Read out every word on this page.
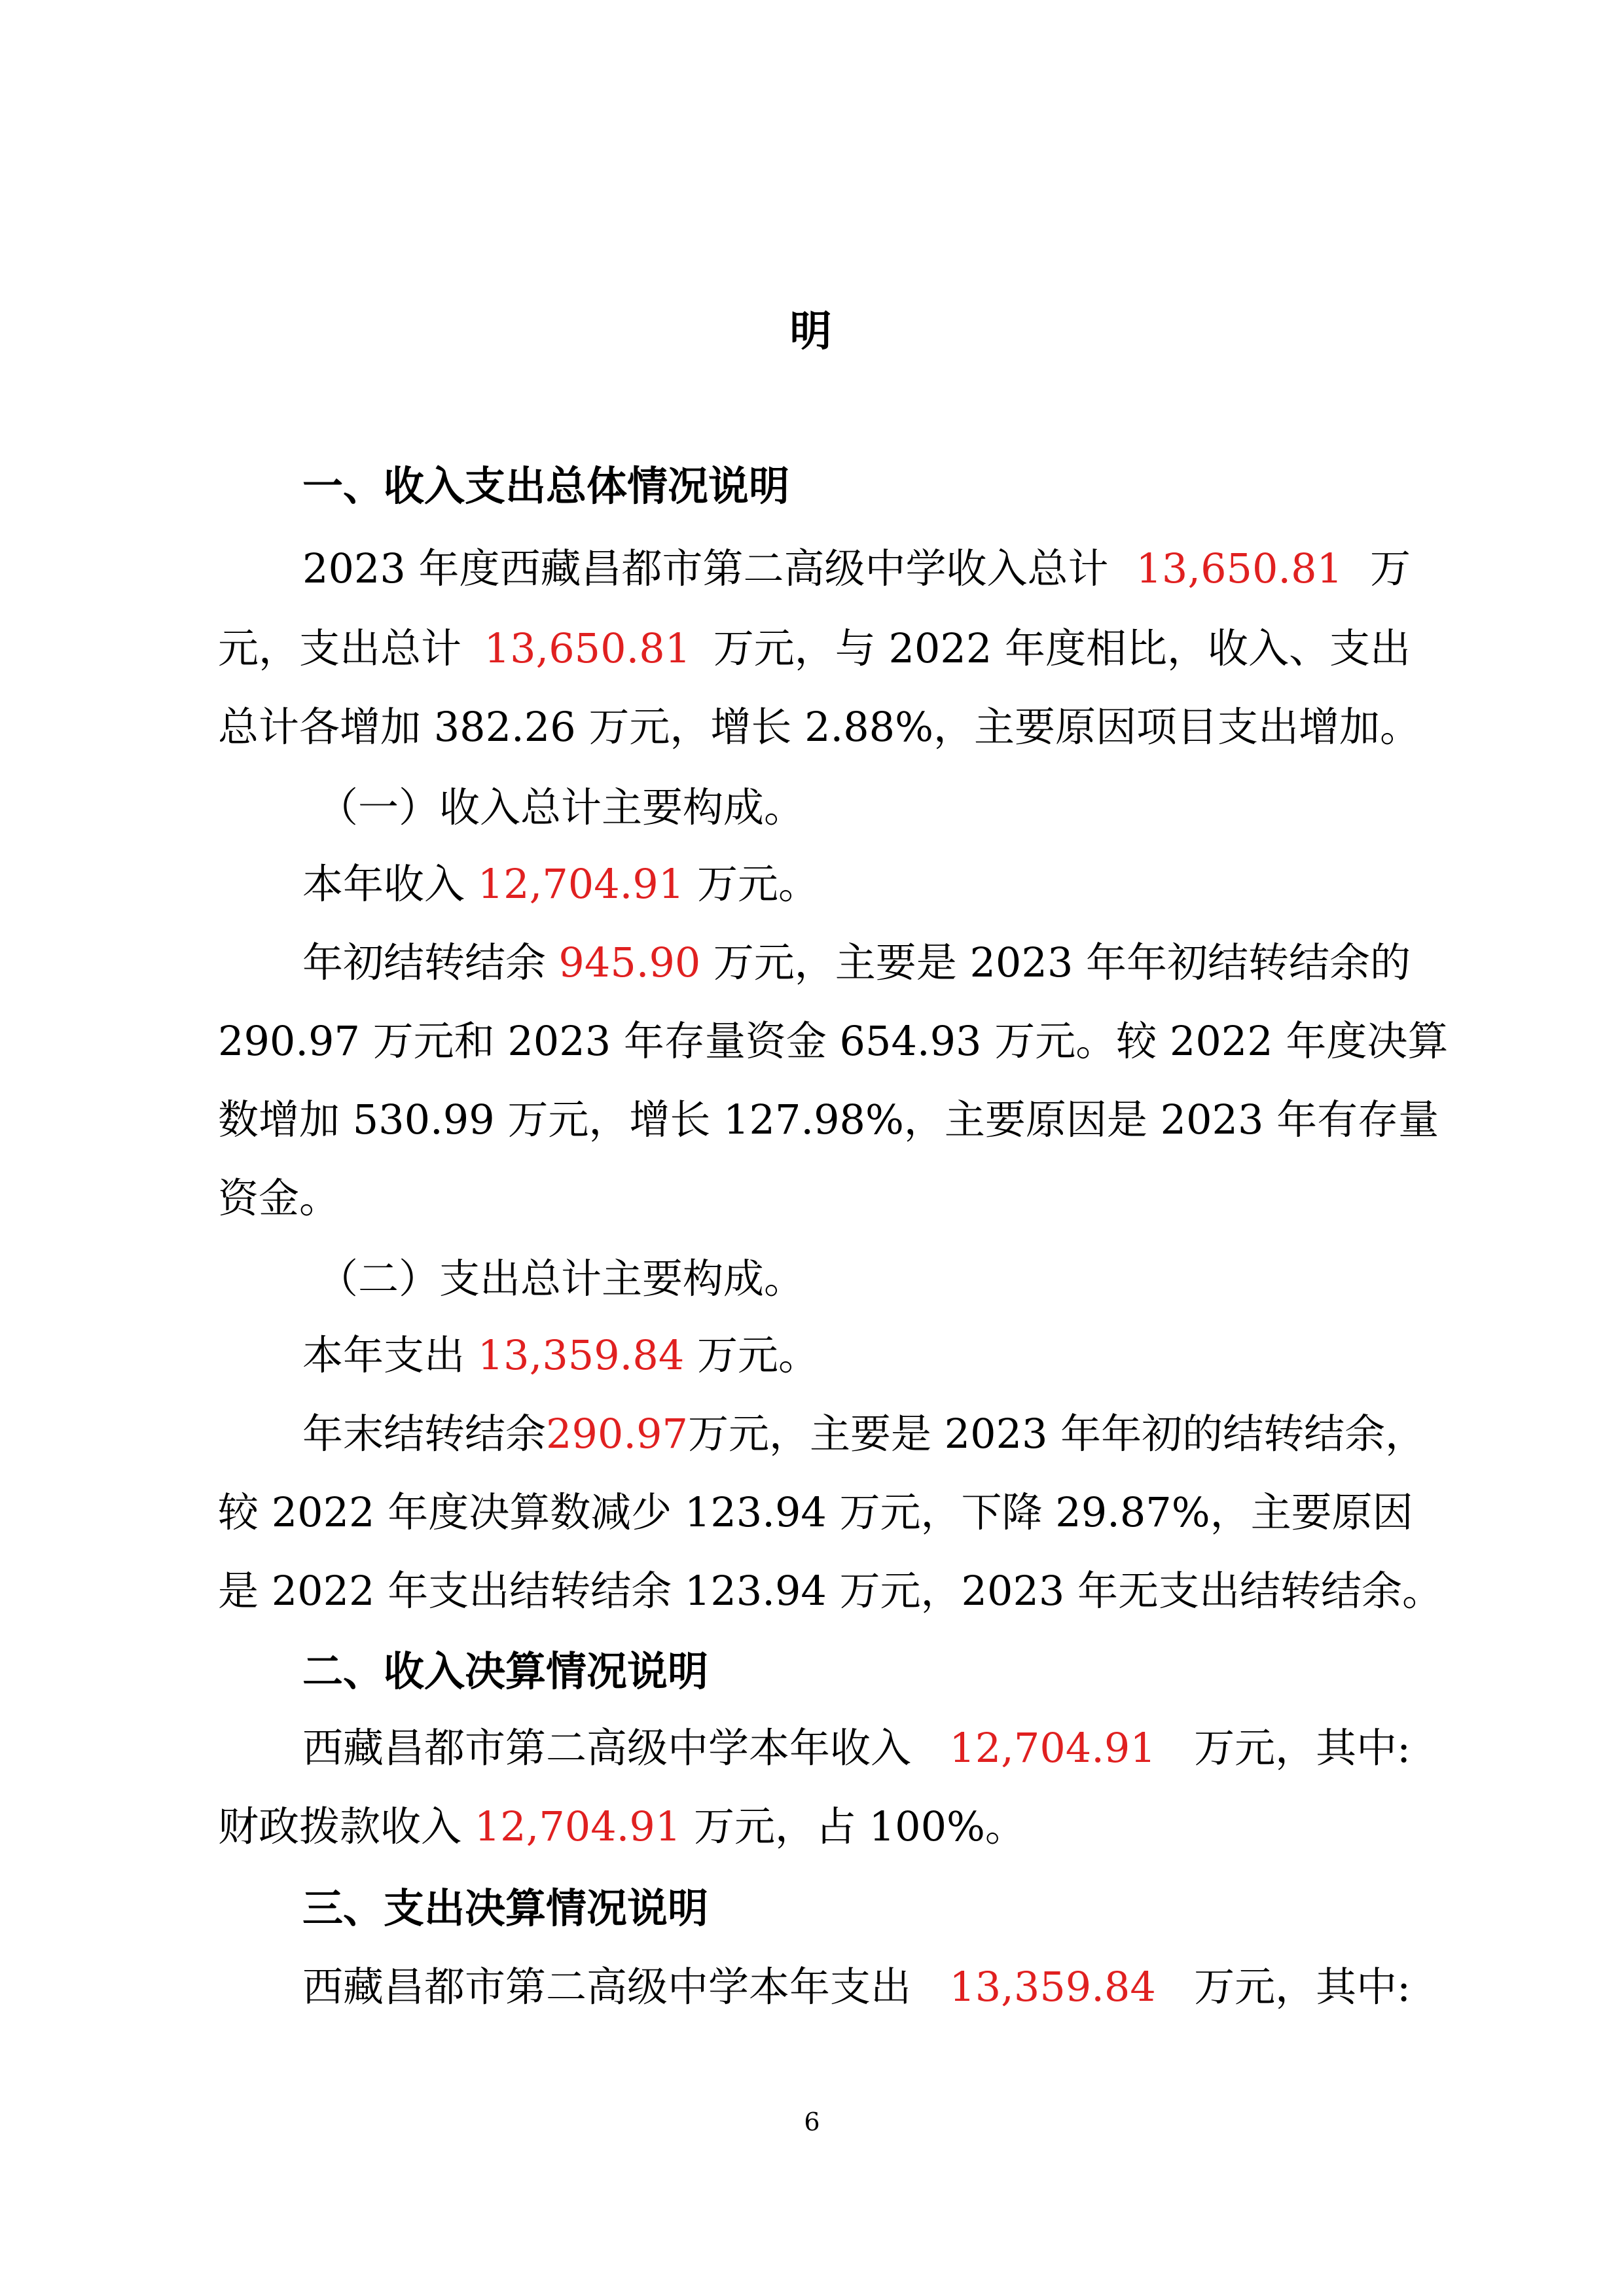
明
一、收入支出总体情况说明
2023 年度西藏昌都市第二高级中学收入总计 13,650.81 万
元，支出总计 13,650.81 万元，与 2022 年度相比，收入、支出
总计各增加 382.26 万元，增长 2.88%，主要原因项目支出增加。
（一）收入总计主要构成。
本年收入 12,704.91 万元。
年初结转结余 945.90 万元，主要是 2023 年年初结转结余的
290.97 万元和 2023 年存量资金 654.93 万元。较 2022 年度决算
数增加 530.99 万元，增长 127.98%，主要原因是 2023 年有存量
资金。
（二）支出总计主要构成。
本年支出 13,359.84 万元。
年末结转结余 290.97 万元，主要是 2023 年年初的结转结余，
较 2022 年度决算数减少 123.94 万元，下降 29.87%，主要原因
是 2022 年支出结转结余 123.94 万元，2023 年无支出结转结余。
二、收入决算情况说明
西藏昌都市第二高级中学本年收入 12,704.91 万元，其中:
财政拨款收入 12,704.91 万元，占 100%。
三、支出决算情况说明
西藏昌都市第二高级中学本年支出 13,359.84 万元，其中:
6
